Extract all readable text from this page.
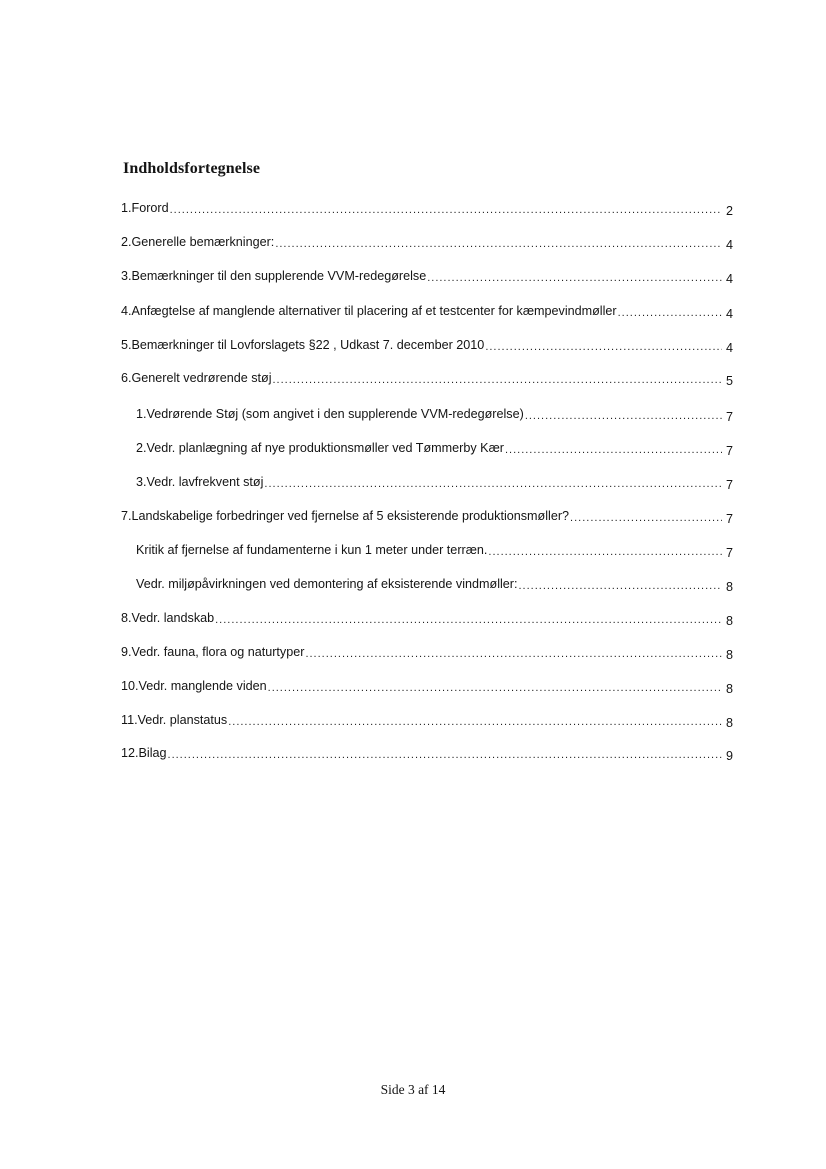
Indholdsfortegnelse
1.Forord .....	2
2.Generelle bemærkninger: .....	4
3.Bemærkninger til den supplerende VVM-redegørelse .....	4
4.Anfægtelse af manglende alternativer til placering af et testcenter for kæmpevindmøller .....	4
5.Bemærkninger til Lovforslagets §22 , Udkast 7. december 2010 .....	4
6.Generelt vedrørende støj .....	5
1.Vedrørende Støj (som angivet i den supplerende VVM-redegørelse) .....	7
2.Vedr. planlægning af nye produktionsmøller ved Tømmerby Kær .....	7
3.Vedr. lavfrekvent støj .....	7
7.Landskabelige forbedringer ved fjernelse af 5 eksisterende produktionsmøller? .....	7
Kritik af fjernelse af fundamenterne i kun 1 meter under terræn. .....	7
Vedr. miljøpåvirkningen ved demontering af eksisterende vindmøller: .....	8
8.Vedr. landskab .....	8
9.Vedr. fauna, flora og naturtyper .....	8
10.Vedr. manglende viden .....	8
11.Vedr. planstatus .....	8
12.Bilag .....	9
Side 3 af 14
